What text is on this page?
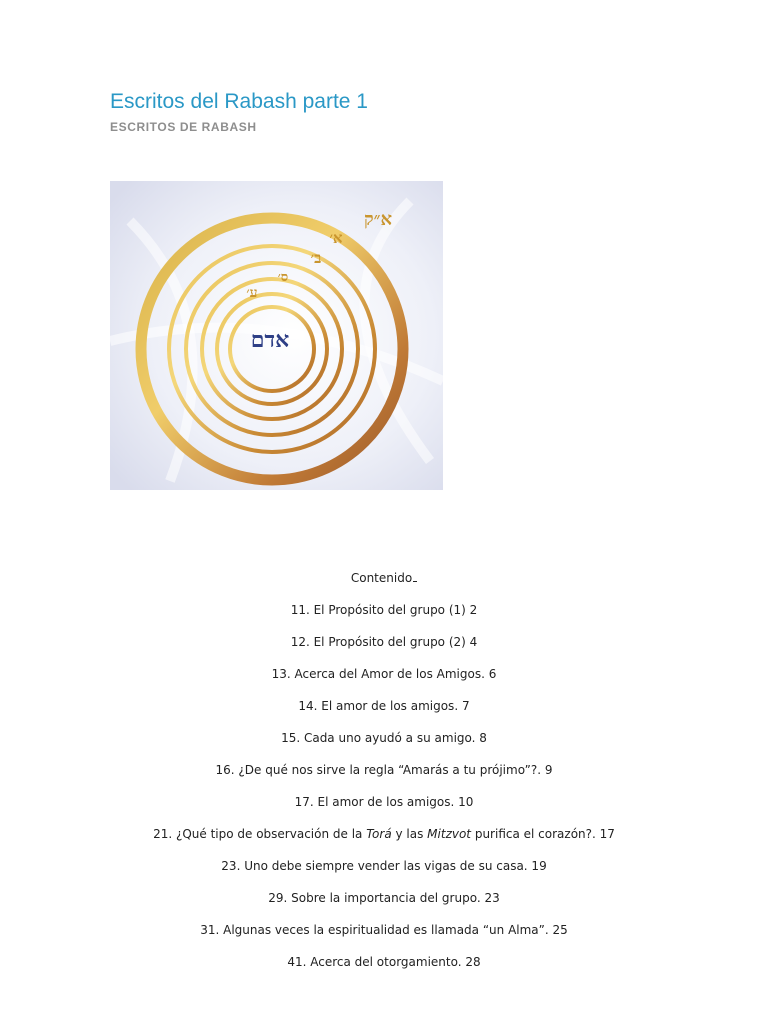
Escritos del Rabash parte 1
ESCRITOS DE RABASH
אדם
א״ק
א׳
ב׳
ס׳
ע׳
Contenido
11. El Propósito del grupo (1) 2
12. El Propósito del grupo (2) 4
13. Acerca del Amor de los Amigos. 6
14. El amor de los amigos. 7
15. Cada uno ayudó a su amigo. 8
16. ¿De qué nos sirve la regla “Amarás a tu prójimo”?. 9
17. El amor de los amigos. 10
21. ¿Qué tipo de observación de la Torá y las Mitzvot purifica el corazón?. 17
23. Uno debe siempre vender las vigas de su casa. 19
29. Sobre la importancia del grupo. 23
31. Algunas veces la espiritualidad es llamada “un Alma”. 25
41. Acerca del otorgamiento. 28
